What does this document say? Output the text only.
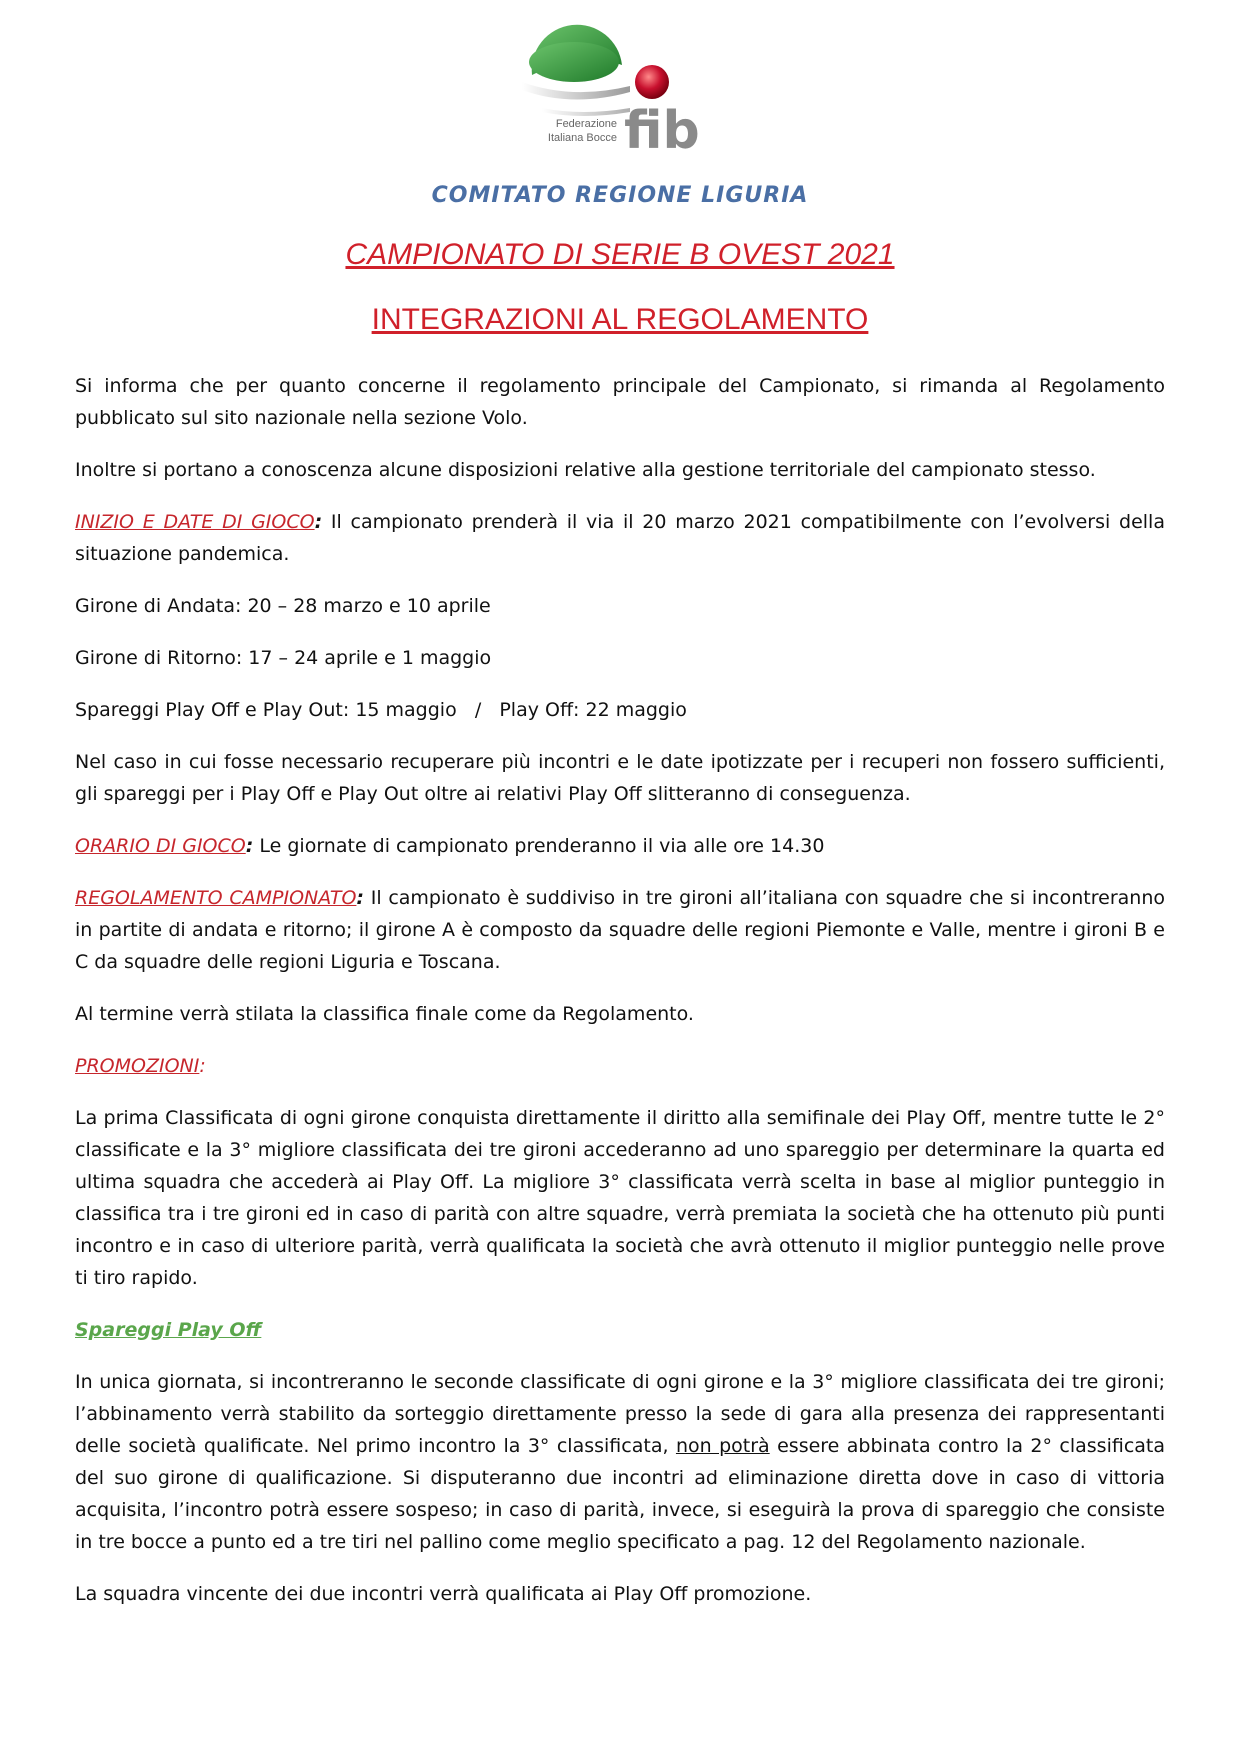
fib
Federazione
Italiana Bocce
COMITATO REGIONE LIGURIA
CAMPIONATO DI SERIE B OVEST 2021
INTEGRAZIONI AL REGOLAMENTO

Si informa che per quanto concerne il regolamento principale del Campionato, si rimanda al Regolamento pubblicato sul sito nazionale nella sezione Volo.

Inoltre si portano a conoscenza alcune disposizioni relative alla gestione territoriale del campionato stesso.

INIZIO E DATE DI GIOCO: Il campionato prenderà il via il 20 marzo 2021 compatibilmente con l’evolversi della situazione pandemica.

Girone di Andata: 20 – 28 marzo e 10 aprile

Girone di Ritorno: 17 – 24 aprile e 1 maggio

Spareggi Play Off e Play Out: 15 maggio   /   Play Off: 22 maggio

Nel caso in cui fosse necessario recuperare più incontri e le date ipotizzate per i recuperi non fossero sufficienti, gli spareggi per i Play Off e Play Out oltre ai relativi Play Off slitteranno di conseguenza.

ORARIO DI GIOCO: Le giornate di campionato prenderanno il via alle ore 14.30

REGOLAMENTO CAMPIONATO: Il campionato è suddiviso in tre gironi all’italiana con squadre che si incontreranno in partite di andata e ritorno; il girone A è composto da squadre delle regioni Piemonte e Valle, mentre i gironi B e C da squadre delle regioni Liguria e Toscana.

Al termine verrà stilata la classifica finale come da Regolamento.

PROMOZIONI:

La prima Classificata di ogni girone conquista direttamente il diritto alla semifinale dei Play Off, mentre tutte le 2° classificate e la 3° migliore classificata dei tre gironi accederanno ad uno spareggio per determinare la quarta ed ultima squadra che accederà ai Play Off. La migliore 3° classificata verrà scelta in base al miglior punteggio in classifica tra i tre gironi ed in caso di parità con altre squadre, verrà premiata la società che ha ottenuto più punti incontro e in caso di ulteriore parità, verrà qualificata la società che avrà ottenuto il miglior punteggio nelle prove ti tiro rapido.

Spareggi Play Off

In unica giornata, si incontreranno le seconde classificate di ogni girone e la 3° migliore classificata dei tre gironi; l’abbinamento verrà stabilito da sorteggio direttamente presso la sede di gara alla presenza dei rappresentanti delle società qualificate. Nel primo incontro la 3° classificata, non potrà essere abbinata contro la 2° classificata del suo girone di qualificazione. Si disputeranno due incontri ad eliminazione diretta dove in caso di vittoria acquisita, l’incontro potrà essere sospeso; in caso di parità, invece, si eseguirà la prova di spareggio che consiste in tre bocce a punto ed a tre tiri nel pallino come meglio specificato a pag. 12 del Regolamento nazionale.

La squadra vincente dei due incontri verrà qualificata ai Play Off promozione.
